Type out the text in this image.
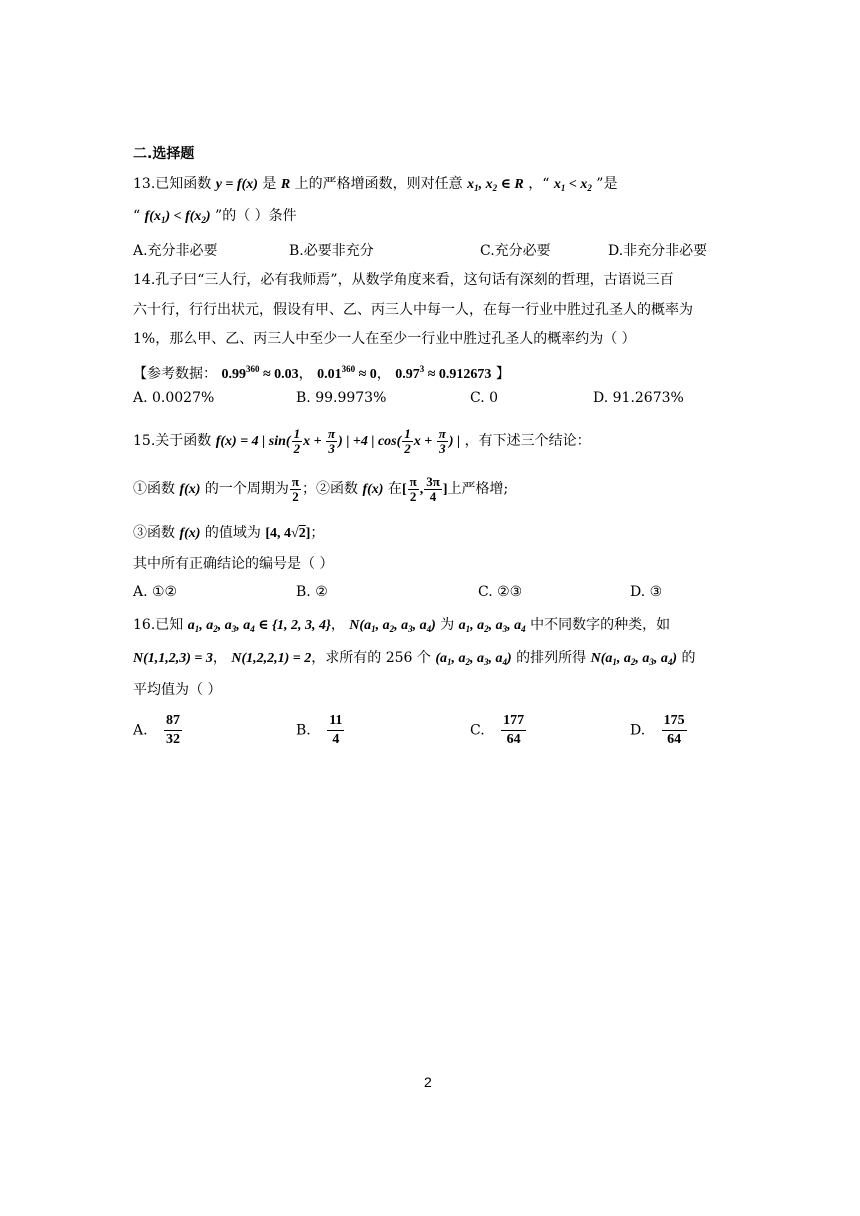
二.选择题
13.已知函数 y = f(x) 是 R 上的严格增函数，则对任意 $x_1$, $x_2$ ∈ R ，“ $x_1 < x_2$ ”是
“ $f(x_1) < f(x_2)$ ”的（ ）条件
A.充分非必要	B.必要非充分	C.充分必要	D.非充分非必要
14.孔子曰“三人行，必有我师焉”，从数学角度来看，这句话有深刻的哲理，古语说三百
六十行，行行出状元，假设有甲、乙、丙三人中每一人，在每一行业中胜过孔圣人的概率为
1%，那么甲、乙、丙三人中至少一人在至少一行业中胜过孔圣人的概率约为（ ）
【参考数据： $0.99^{360} \approx 0.03$， $0.01^{360} \approx 0$， $0.97^3 \approx 0.912673$ 】
A. 0.0027%	B. 99.9973%	C. 0	D. 91.2673%
15.关于函数 f(x) = 4 | $\sin( \frac{1}{2}$ $x + \frac{\pi}{3}$ ) | +4 | $\cos( \frac{1}{2}$ $x + \frac{\pi}{3}$ ) | ，有下述三个结论：
①函数 f(x) 的一个周期为 $\frac{\pi}{2}$ ；②函数 f(x) 在[ $\frac{\pi}{2}$ , $\frac{3\pi}{4}$ ]上严格增;
③函数 f(x) 的值域为 [4, 4√2]；
其中所有正确结论的编号是（ ）
A. ①②	B. ②	C. ②③	D. ③
16.已知 $a_1$, $a_2$, $a_3$, $a_4$ ∈ {1, 2, 3, 4}， $N(a_1$, $a_2$, $a_3$, $a_4$) 为 $a_1$, $a_2$, $a_3$, $a_4$ 中不同数字的种类，如
N(1,1,2,3) = 3， N(1,2,2,1) = 2，求所有的 256 个 ($a_1$, $a_2$, $a_3$, $a_4$) 的排列所得 $N(a_1$, $a_2$, $a_3$, $a_4$) 的
平均值为（ ）
A. $\frac{87}{32}$	B. $\frac{11}{4}$	C. $\frac{177}{64}$	D. $\frac{175}{64}$
2
